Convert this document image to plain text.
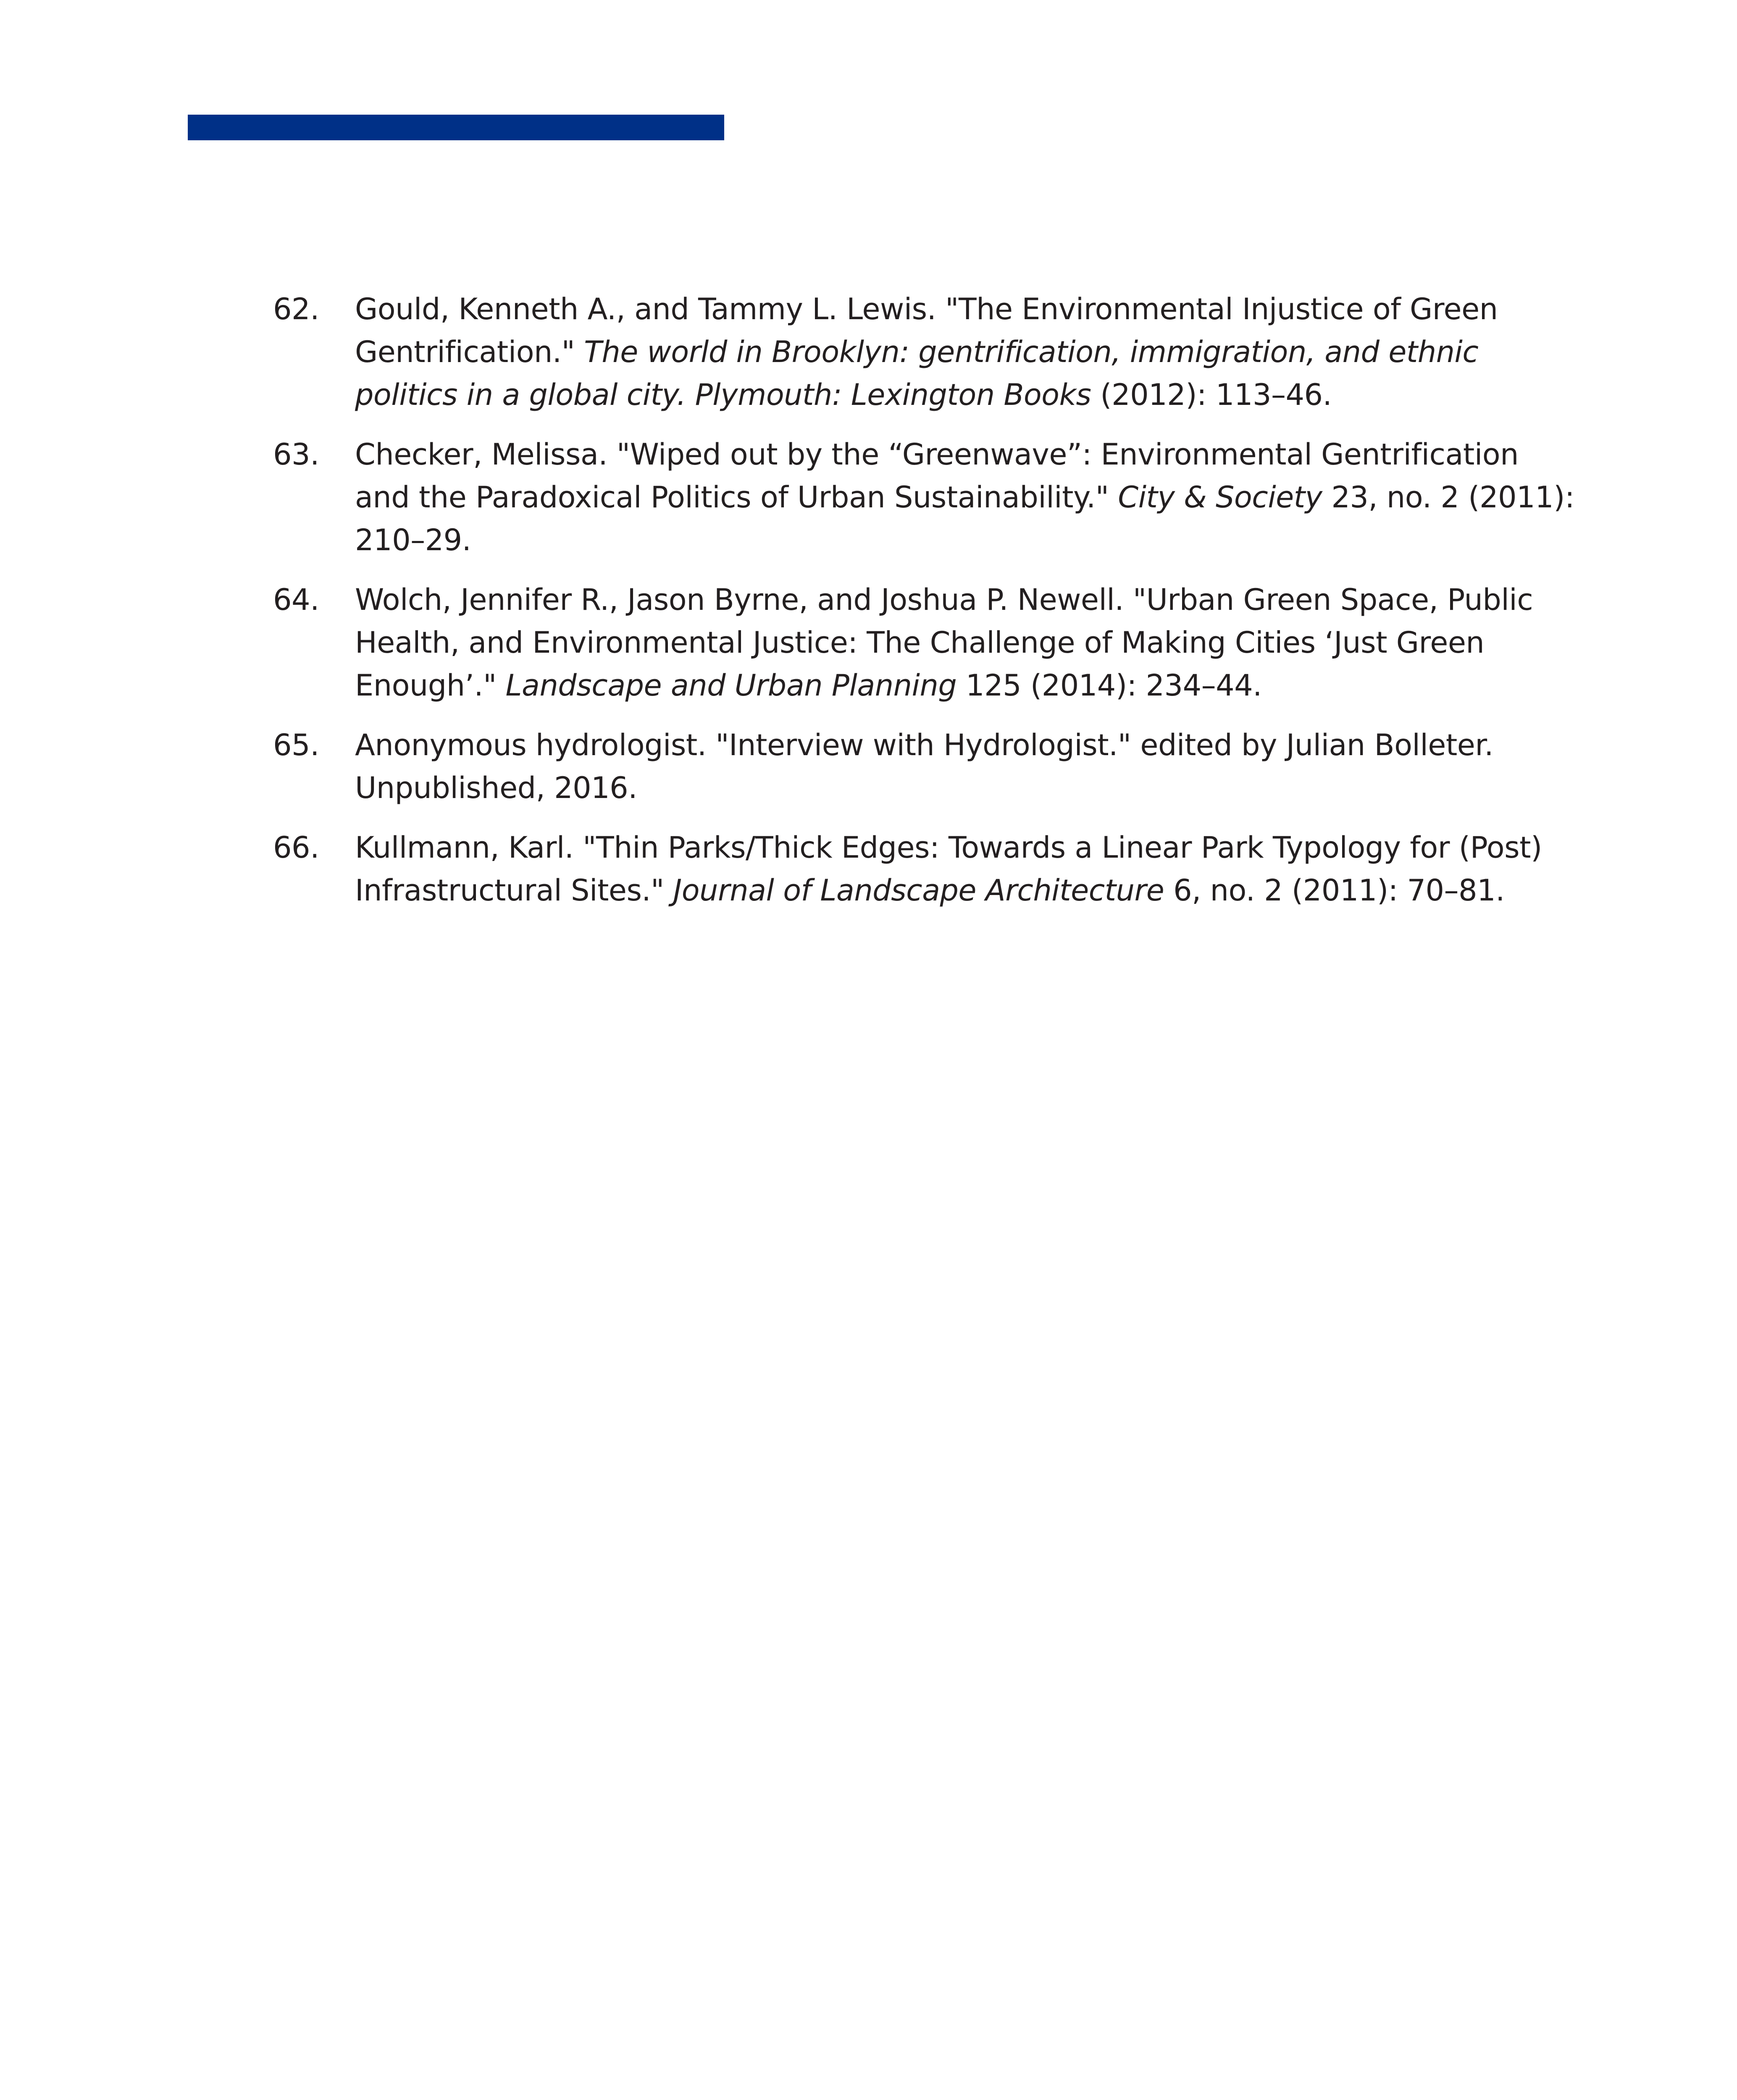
62.	Gould, Kenneth A., and Tammy L. Lewis. "The Environmental Injustice of Green Gentrification." The world in Brooklyn: gentrification, immigration, and ethnic politics in a global city. Plymouth: Lexington Books (2012): 113–46.
63.	Checker, Melissa. "Wiped out by the “Greenwave”: Environmental Gentrification and the Paradoxical Politics of Urban Sustainability." City & Society 23, no. 2 (2011): 210–29.
64.	Wolch, Jennifer R., Jason Byrne, and Joshua P. Newell. "Urban Green Space, Public Health, and Environmental Justice: The Challenge of Making Cities ‘Just Green Enough’." Landscape and Urban Planning 125 (2014): 234–44.
65.	Anonymous hydrologist. "Interview with Hydrologist." edited by Julian Bolleter. Unpublished, 2016.
66.	Kullmann, Karl. "Thin Parks/Thick Edges: Towards a Linear Park Typology for (Post) Infrastructural Sites." Journal of Landscape Architecture 6, no. 2 (2011): 70–81.
